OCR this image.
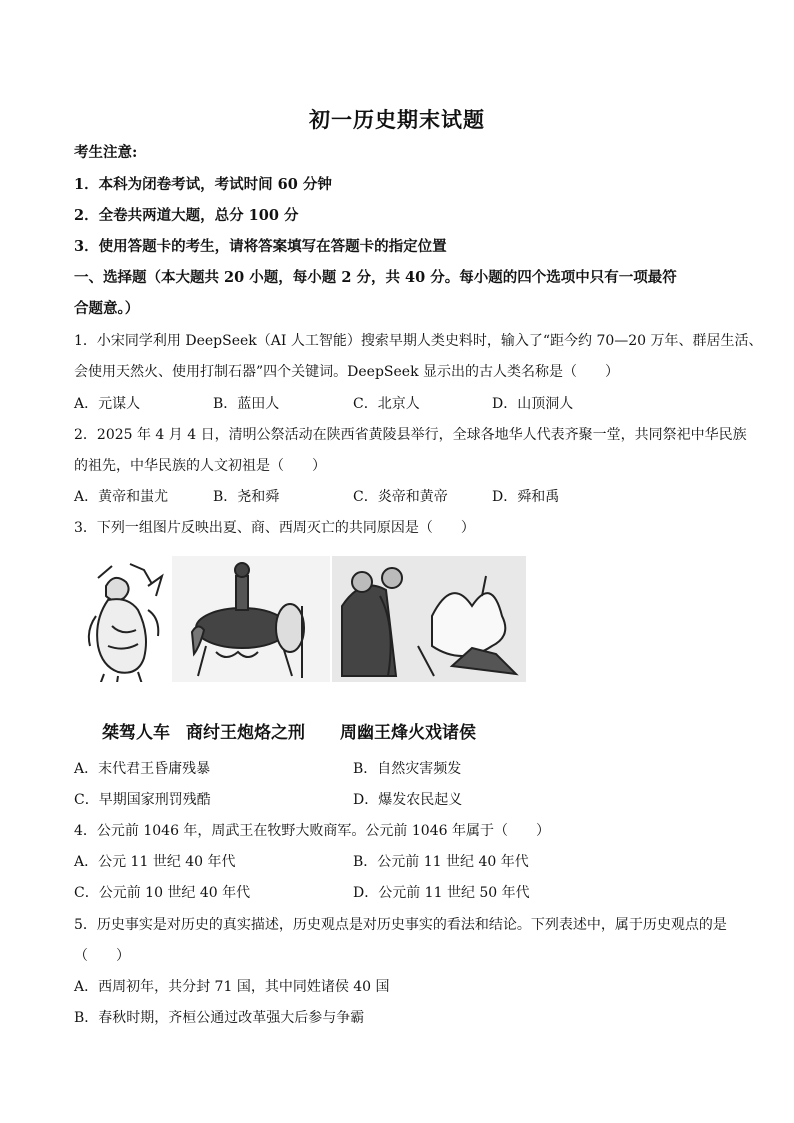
初一历史期末试题
考生注意:
1．本科为闭卷考试，考试时间 60 分钟
2．全卷共两道大题，总分 100 分
3．使用答题卡的考生，请将答案填写在答题卡的指定位置
一、选择题（本大题共 20 小题，每小题 2 分，共 40 分。每小题的四个选项中只有一项最符
合题意。）
1．小宋同学利用 DeepSeek（AI 人工智能）搜索早期人类史料时，输入了“距今约 70—20 万年、群居生活、
会使用天然火、使用打制石器”四个关键词。DeepSeek 显示出的古人类名称是（　　）
A．元谋人	B．蓝田人	C．北京人	D．山顶洞人
2．2025 年 4 月 4 日，清明公祭活动在陕西省黄陵县举行，全球各地华人代表齐聚一堂，共同祭祀中华民族
的祖先，中华民族的人文初祖是（　　）
A．黄帝和蚩尤	B．尧和舜	C．炎帝和黄帝	D．舜和禹
3．下列一组图片反映出夏、商、西周灭亡的共同原因是（　　）
桀驾人车 商纣王炮烙之刑 周幽王烽火戏诸侯
A．末代君王昏庸残暴	B．自然灾害频发
C．早期国家刑罚残酷	D．爆发农民起义
4．公元前 1046 年，周武王在牧野大败商军。公元前 1046 年属于（　　）
A．公元 11 世纪 40 年代	B．公元前 11 世纪 40 年代
C．公元前 10 世纪 40 年代	D．公元前 11 世纪 50 年代
5．历史事实是对历史的真实描述，历史观点是对历史事实的看法和结论。下列表述中，属于历史观点的是
（　　）
A．西周初年，共分封 71 国，其中同姓诸侯 40 国
B．春秋时期，齐桓公通过改革强大后参与争霸
